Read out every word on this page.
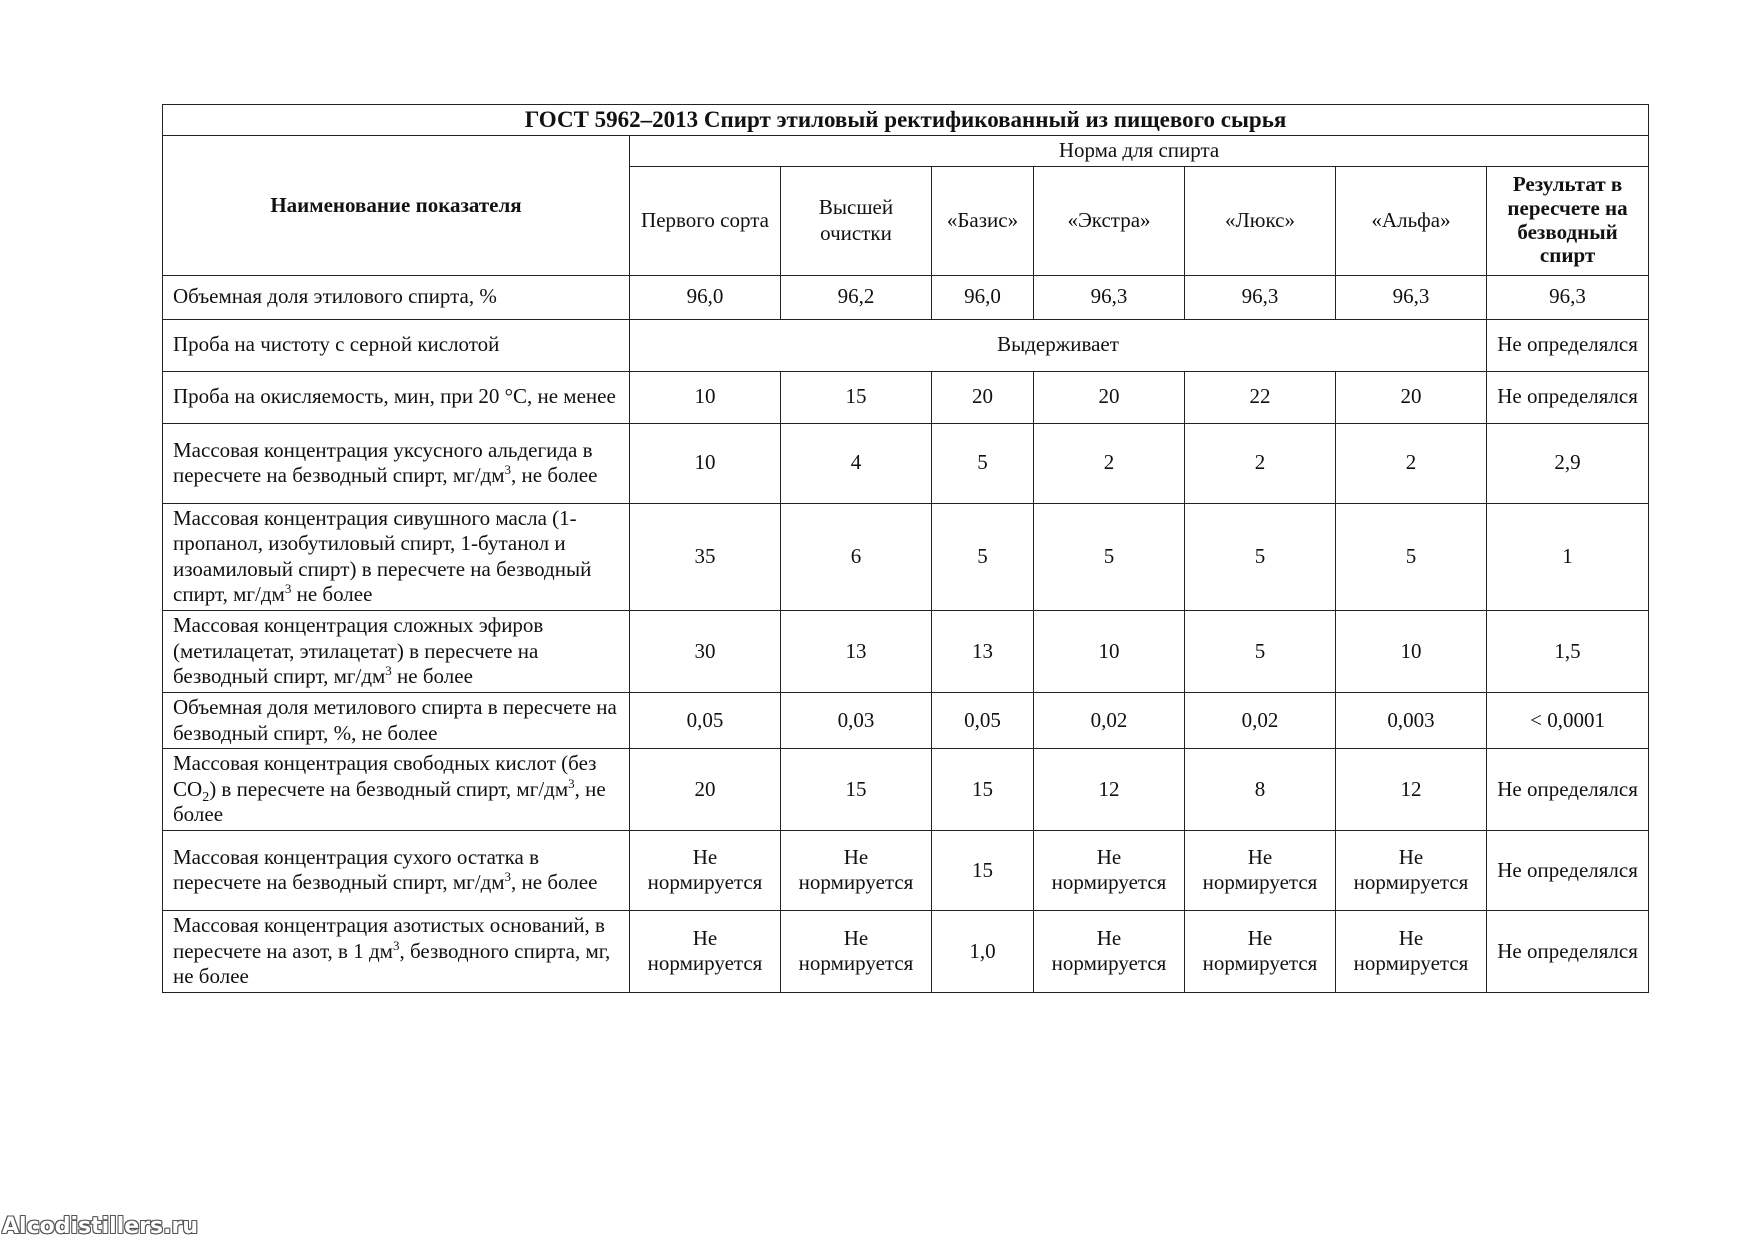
ГОСТ 5962–2013 Спирт этиловый ректификованный из пищевого сырья							
Наименование показателя	Норма для спирта						
	Первого сорта	Высшей очистки	«Базис»	«Экстра»	«Люкс»	«Альфа»	Результат в пересчете на безводный спирт
Объемная доля этилового спирта, %	96,0	96,2	96,0	96,3	96,3	96,3	96,3
Проба на чистоту с серной кислотой	Выдерживает						Не определялся
Проба на окисляемость, мин, при 20 °С, не менее	10	15	20	20	22	20	Не определялся
Массовая концентрация уксусного альдегида в пересчете на безводный спирт, $мг/дм^3$, не более	10	4	5	2	2	2	2,9
Массовая концентрация сивушного масла (1-пропанол, изобутиловый спирт, 1-бутанол и изоамиловый спирт) в пересчете на безводный спирт, $мг/дм^3$ не более	35	6	5	5	5	5	1
Массовая концентрация сложных эфиров (метилацетат, этилацетат) в пересчете на безводный спирт, $мг/дм^3$ не более	30	13	13	10	5	10	1,5
Объемная доля метилового спирта в пересчете на безводный спирт, %, не более	0,05	0,03	0,05	0,02	0,02	0,003	< 0,0001
Массовая концентрация свободных кислот (без $CO_2$) в пересчете на безводный спирт, $мг/дм^3$, не более	20	15	15	12	8	12	Не определялся
Массовая концентрация сухого остатка в пересчете на безводный спирт, $мг/дм^3$, не более	Не нормируется	Не нормируется	15	Не нормируется	Не нормируется	Не нормируется	Не определялся
Массовая концентрация азотистых оснований, в пересчете на азот, в 1 $дм^3$, безводного спирта, мг, не более	Не нормируется	Не нормируется	1,0	Не нормируется	Не нормируется	Не нормируется	Не определялся
Alcodistillers.ru
